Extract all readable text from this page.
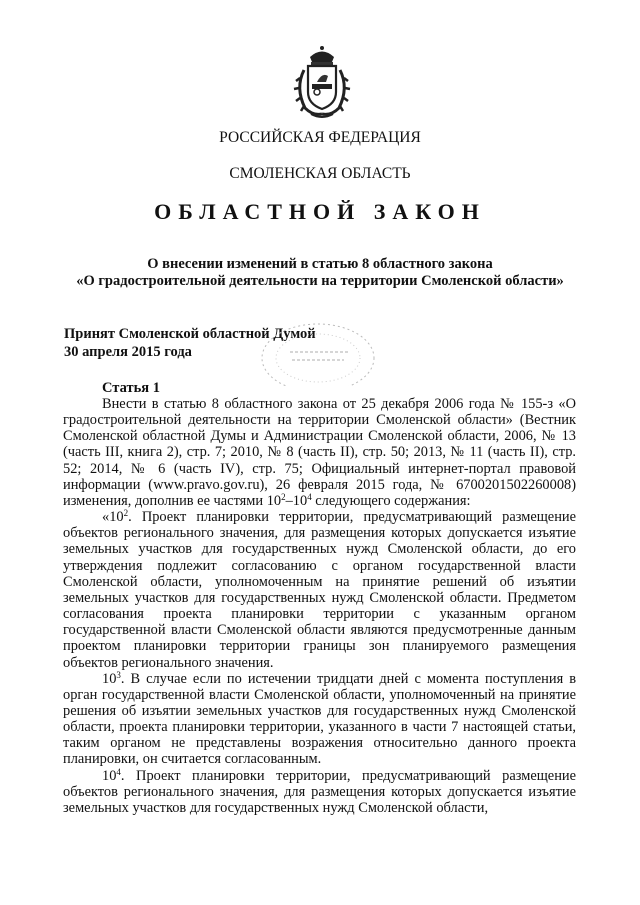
РОССИЙСКАЯ ФЕДЕРАЦИЯ
СМОЛЕНСКАЯ ОБЛАСТЬ
ОБЛАСТНОЙ ЗАКОН
О внесении изменений в статью 8 областного закона
«О градостроительной деятельности на территории Смоленской области»
Принят Смоленской областной Думой
30 апреля 2015 года
Статья 1

Внести в статью 8 областного закона от 25 декабря 2006 года № 155-з «О градостроительной деятельности на территории Смоленской области» (Вестник Смоленской областной Думы и Администрации Смоленской области, 2006, № 13 (часть III, книга 2), стр. 7; 2010, № 8 (часть II), стр. 50; 2013, № 11 (часть II), стр. 52; 2014, № 6 (часть IV), стр. 75; Официальный интернет-портал правовой информации (www.pravo.gov.ru), 26 февраля 2015 года, № 6700201502260008) изменения, дополнив ее частями $10^2-10^4$ следующего содержания:

«$10^2$. Проект планировки территории, предусматривающий размещение объектов регионального значения, для размещения которых допускается изъятие земельных участков для государственных нужд Смоленской области, до его утверждения подлежит согласованию с органом государственной власти Смоленской области, уполномоченным на принятие решений об изъятии земельных участков для государственных нужд Смоленской области. Предметом согласования проекта планировки территории с указанным органом государственной власти Смоленской области являются предусмотренные данным проектом планировки территории границы зон планируемого размещения объектов регионального значения.

$10^3$. В случае если по истечении тридцати дней с момента поступления в орган государственной власти Смоленской области, уполномоченный на принятие решения об изъятии земельных участков для государственных нужд Смоленской области, проекта планировки территории, указанного в части 7 настоящей статьи, таким органом не представлены возражения относительно данного проекта планировки, он считается согласованным.

$10^4$. Проект планировки территории, предусматривающий размещение объектов регионального значения, для размещения которых допускается изъятие земельных участков для государственных нужд Смоленской области,
